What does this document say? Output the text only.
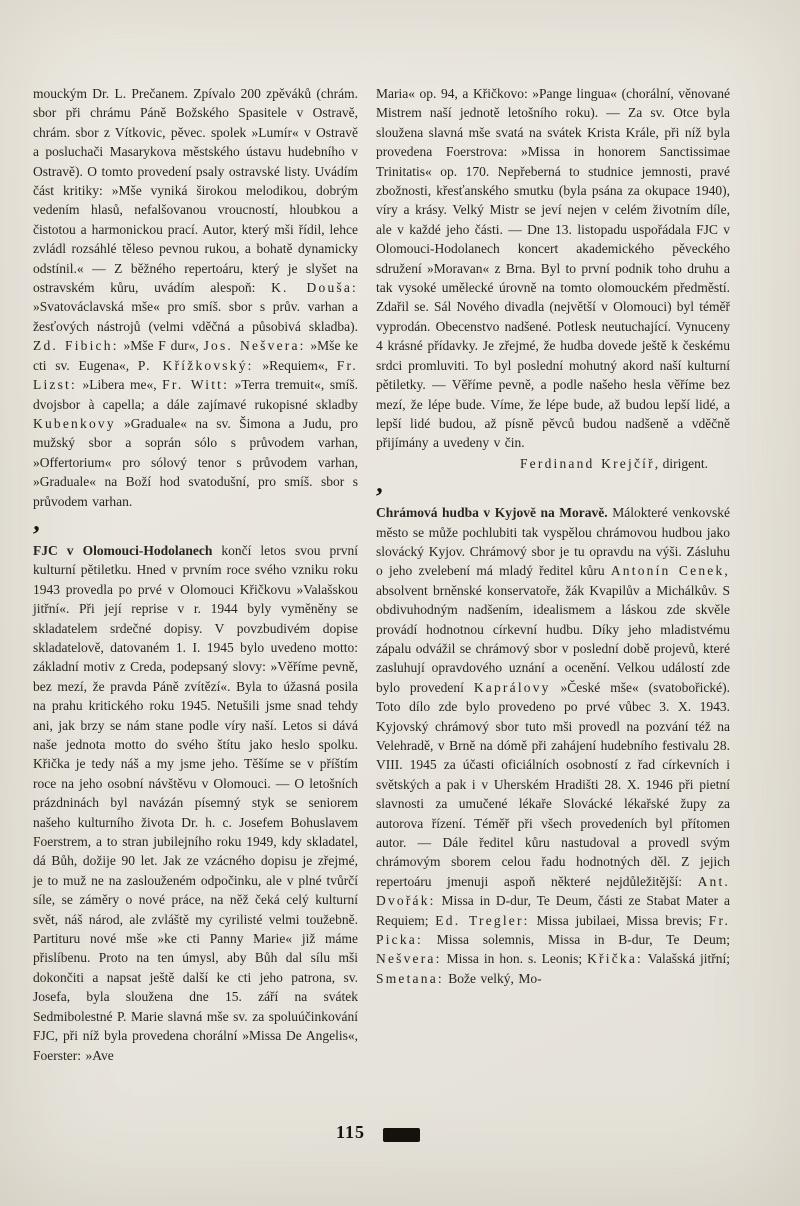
mouckým Dr. L. Prečanem. Zpívalo 200 zpěváků (chrám. sbor při chrámu Páně Božského Spasitele v Ostravě, chrám. sbor z Vítkovic, pěvec. spolek »Lumír« v Ostravě a posluchači Masarykova městského ústavu hudebního v Ostravě). O tomto provedení psaly ostravské listy. Uvádím část kritiky: »Mše vyniká širokou melodikou, dobrým vedením hlasů, nefalšovanou vroucností, hloubkou a čistotou a harmonickou prací. Autor, který mši řídil, lehce zvládl rozsáhlé těleso pevnou rukou, a bohatě dynamicky odstínil.« — Z běžného repertoáru, který je slyšet na ostravském kůru, uvádím alespoň: K. Douša: »Svatováclavská mše« pro smíš. sbor s prův. varhan a žesťových nástrojů (velmi vděčná a působivá skladba). Zd. Fibich: »Mše F dur«, Jos. Nešvera: »Mše ke cti sv. Eugena«, P. Křížkovský: »Requiem«, Fr. Lizst: »Libera me«, Fr. Witt: »Terra tremuit«, smíš. dvojsbor à capella; a dále zajímavé rukopisné skladby Kubenkovy »Graduale« na sv. Šimona a Judu, pro mužský sbor a soprán sólo s průvodem varhan, »Offertorium« pro sólový tenor s průvodem varhan, »Graduale« na Boží hod svatodušní, pro smíš. sbor s průvodem varhan.

,

FJC v Olomouci-Hodolanech končí letos svou první kulturní pětiletku. Hned v prvním roce svého vzniku roku 1943 provedla po prvé v Olomouci Křičkovu »Valašskou jitřní«. Při její reprise v r. 1944 byly vyměněny se skladatelem srdečné dopisy. V povzbudivém dopise skladatelově, datovaném 1. I. 1945 bylo uvedeno motto: základní motiv z Creda, podepsaný slovy: »Věříme pevně, bez mezí, že pravda Páně zvítězí«. Byla to úžasná posila na prahu kritického roku 1945. Netušili jsme snad tehdy ani, jak brzy se nám stane podle víry naší. Letos si dává naše jednota motto do svého štítu jako heslo spolku. Křička je tedy náš a my jsme jeho. Těšíme se v příštím roce na jeho osobní návštěvu v Olomouci. — O letošních prázdninách byl navázán písemný styk se seniorem našeho kulturního života Dr. h. c. Josefem Bohuslavem Foerstrem, a to stran jubilejního roku 1949, kdy skladatel, dá Bůh, dožije 90 let. Jak ze vzácného dopisu je zřejmé, je to muž ne na zaslouženém odpočinku, ale v plné tvůrčí síle, se záměry o nové práce, na něž čeká celý kulturní svět, náš národ, ale zvláště my cyrilisté velmi toužebně. Partituru nové mše »ke cti Panny Marie« již máme přislíbenu. Proto na ten úmysl, aby Bůh dal sílu mši dokončiti a napsat ještě další ke cti jeho patrona, sv. Josefa, byla sloužena dne 15. září na svátek Sedmibolestné P. Marie slavná mše sv. za spoluúčinkování FJC, při níž byla provedena chorální »Missa De Angelis«, Foerster: »Ave

Maria« op. 94, a Křičkovo: »Pange lingua« (chorální, věnované Mistrem naší jednotě letošního roku). — Za sv. Otce byla sloužena slavná mše svatá na svátek Krista Krále, při níž byla provedena Foerstrova: »Missa in honorem Sanctissimae Trinitatis« op. 170. Nepřeberná to studnice jemnosti, pravé zbožnosti, křesťanského smutku (byla psána za okupace 1940), víry a krásy. Velký Mistr se jeví nejen v celém životním díle, ale v každé jeho části. — Dne 13. listopadu uspořádala FJC v Olomouci-Hodolanech koncert akademického pěveckého sdružení »Moravan« z Brna. Byl to první podnik toho druhu a tak vysoké umělecké úrovně na tomto olomouckém předměstí. Zdařil se. Sál Nového divadla (největší v Olomouci) byl téměř vyprodán. Obecenstvo nadšené. Potlesk neutuchající. Vynuceny 4 krásné přídavky. Je zřejmé, že hudba dovede ještě k českému srdci promluviti. To byl poslední mohutný akord naší kulturní pětiletky. — Věříme pevně, a podle našeho hesla věříme bez mezí, že lépe bude. Víme, že lépe bude, až budou lepší lidé, a lepší lidé budou, až písně pěvců budou nadšeně a vděčně přijímány a uvedeny v čin.

Ferdinand Krejčíř, dirigent.

,

Chrámová hudba v Kyjově na Moravě. Málokteré venkovské město se může pochlubiti tak vyspělou chrámovou hudbou jako slovácký Kyjov. Chrámový sbor je tu opravdu na výši. Zásluhu o jeho zvelebení má mladý ředitel kůru Antonín Cenek, absolvent brněnské konservatoře, žák Kvapilův a Michálkův. S obdivuhodným nadšením, idealismem a láskou zde skvěle provádí hodnotnou církevní hudbu. Díky jeho mladistvému zápalu odvážil se chrámový sbor v poslední době projevů, které zasluhují opravdového uznání a ocenění. Velkou událostí zde bylo provedení Kaprálovy »České mše« (svatobořické). Toto dílo zde bylo provedeno po prvé vůbec 3. X. 1943. Kyjovský chrámový sbor tuto mši provedl na pozvání též na Velehradě, v Brně na dómě při zahájení hudebního festivalu 28. VIII. 1945 za účasti oficiálních osobností z řad církevních i světských a pak i v Uherském Hradišti 28. X. 1946 při pietní slavnosti za umučené lékaře Slovácké lékařské župy za autorova řízení. Téměř při všech provedeních byl přítomen autor. — Dále ředitel kůru nastudoval a provedl svým chrámovým sborem celou řadu hodnotných děl. Z jejich repertoáru jmenuji aspoň některé nejdůležitější: Ant. Dvořák: Missa in D-dur, Te Deum, části ze Stabat Mater a Requiem; Ed. Tregler: Missa jubilaei, Missa brevis; Fr. Picka: Missa solemnis, Missa in B-dur, Te Deum; Nešvera: Missa in hon. s. Leonis; Křička: Valašská jitřní; Smetana: Bože velký, Mo-

115
